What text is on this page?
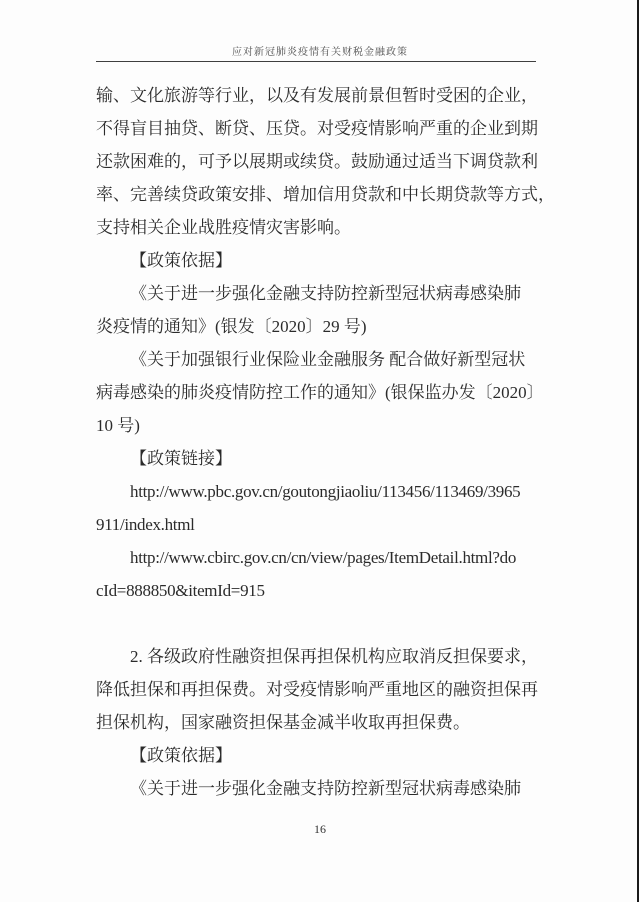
应对新冠肺炎疫情有关财税金融政策
输、文化旅游等行业，以及有发展前景但暂时受困的企业，
不得盲目抽贷、断贷、压贷。对受疫情影响严重的企业到期
还款困难的，可予以展期或续贷。鼓励通过适当下调贷款利
率、完善续贷政策安排、增加信用贷款和中长期贷款等方式，
支持相关企业战胜疫情灾害影响。
【政策依据】
《关于进一步强化金融支持防控新型冠状病毒感染肺
炎疫情的通知》(银发〔2020〕29 号)
《关于加强银行业保险业金融服务 配合做好新型冠状
病毒感染的肺炎疫情防控工作的通知》(银保监办发〔2020〕
10 号)
【政策链接】
http://www.pbc.gov.cn/goutongjiaoliu/113456/113469/3965
911/index.html
http://www.cbirc.gov.cn/cn/view/pages/ItemDetail.html?do
cId=888850&itemId=915

2. 各级政府性融资担保再担保机构应取消反担保要求，
降低担保和再担保费。对受疫情影响严重地区的融资担保再
担保机构，国家融资担保基金减半收取再担保费。
【政策依据】
《关于进一步强化金融支持防控新型冠状病毒感染肺
16
